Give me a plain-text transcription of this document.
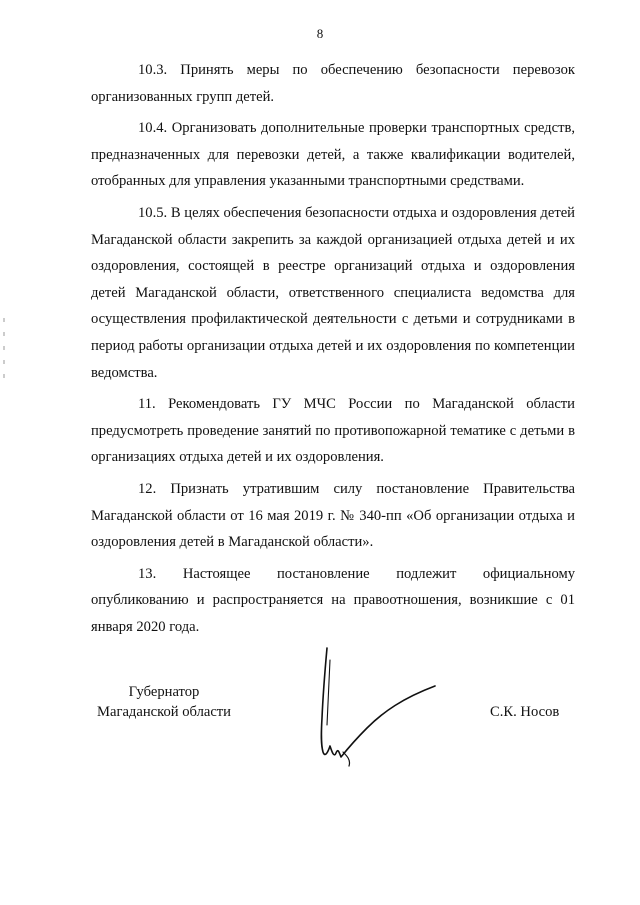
8

10.3. Принять меры по обеспечению безопасности перевозок организованных групп детей.

10.4. Организовать дополнительные проверки транспортных средств, предназначенных для перевозки детей, а также квалификации водителей, отобранных для управления указанными транспортными средствами.

10.5. В целях обеспечения безопасности отдыха и оздоровления детей Магаданской области закрепить за каждой организацией отдыха детей и их оздоровления, состоящей в реестре организаций отдыха и оздоровления детей Магаданской области, ответственного специалиста ведомства для осуществления профилактической деятельности с детьми и сотрудниками в период работы организации отдыха детей и их оздоровления по компетенции ведомства.

11. Рекомендовать ГУ МЧС России по Магаданской области предусмотреть проведение занятий по противопожарной тематике с детьми в организациях отдыха детей и их оздоровления.

12. Признать утратившим силу постановление Правительства Магаданской области от 16 мая 2019 г. № 340-пп «Об организации отдыха и оздоровления детей в Магаданской области».

13. Настоящее постановление подлежит официальному опубликованию и распространяется на правоотношения, возникшие с 01 января 2020 года.

Губернатор
Магаданской области	С.К. Носов
